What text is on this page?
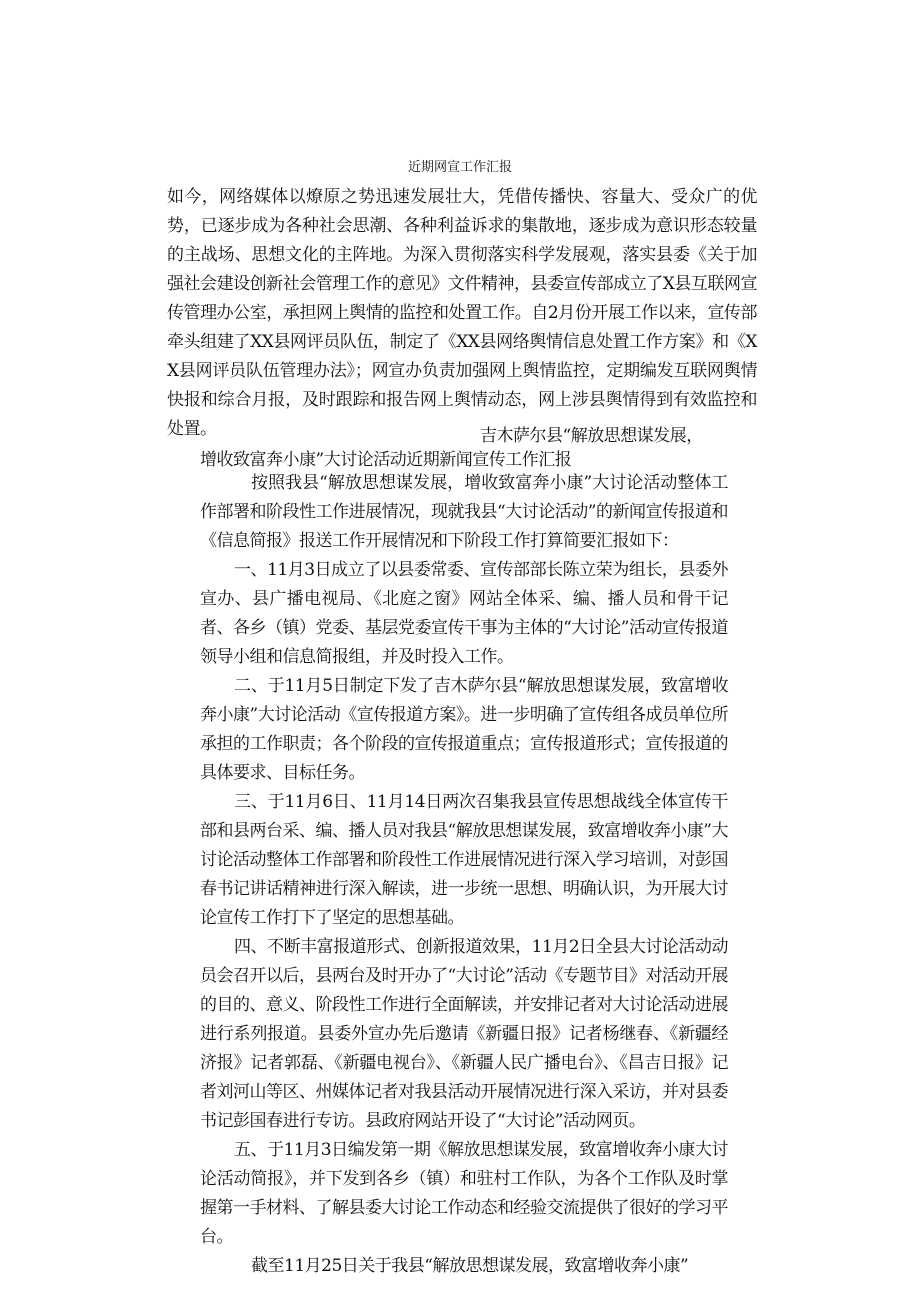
近期网宣工作汇报
如今，网络媒体以燎原之势迅速发展壮大，凭借传播快、容量大、受众广的优势，已逐步成为各种社会思潮、各种利益诉求的集散地，逐步成为意识形态较量的主战场、思想文化的主阵地。为深入贯彻落实科学发展观，落实县委《关于加强社会建设创新社会管理工作的意见》文件精神，县委宣传部成立了X县互联网宣传管理办公室，承担网上舆情的监控和处置工作。自2月份开展工作以来，宣传部牵头组建了XX县网评员队伍，制定了《XX县网络舆情信息处置工作方案》和《XX县网评员队伍管理办法》；网宣办负责加强网上舆情监控，定期编发互联网舆情快报和综合月报，及时跟踪和报告网上舆情动态，网上涉县舆情得到有效监控和处置。	吉木萨尔县“解放思想谋发展，
增收致富奔小康”大讨论活动近期新闻宣传工作汇报

按照我县“解放思想谋发展，增收致富奔小康”大讨论活动整体工作部署和阶段性工作进展情况，现就我县“大讨论活动”的新闻宣传报道和《信息简报》报送工作开展情况和下阶段工作打算简要汇报如下：

一、11月3日成立了以县委常委、宣传部部长陈立荣为组长，县委外宣办、县广播电视局、《北庭之窗》网站全体采、编、播人员和骨干记者、各乡（镇）党委、基层党委宣传干事为主体的“大讨论”活动宣传报道领导小组和信息简报组，并及时投入工作。

二、于11月5日制定下发了吉木萨尔县“解放思想谋发展，致富增收奔小康”大讨论活动《宣传报道方案》。进一步明确了宣传组各成员单位所承担的工作职责；各个阶段的宣传报道重点；宣传报道形式；宣传报道的具体要求、目标任务。

三、于11月6日、11月14日两次召集我县宣传思想战线全体宣传干部和县两台采、编、播人员对我县“解放思想谋发展，致富增收奔小康”大讨论活动整体工作部署和阶段性工作进展情况进行深入学习培训，对彭国春书记讲话精神进行深入解读，进一步统一思想、明确认识，为开展大讨论宣传工作打下了坚定的思想基础。

四、不断丰富报道形式、创新报道效果，11月2日全县大讨论活动动员会召开以后，县两台及时开办了“大讨论”活动《专题节目》对活动开展的目的、意义、阶段性工作进行全面解读，并安排记者对大讨论活动进展进行系列报道。县委外宣办先后邀请《新疆日报》记者杨继春、《新疆经济报》记者郭磊、《新疆电视台》、《新疆人民广播电台》、《昌吉日报》记者刘河山等区、州媒体记者对我县活动开展情况进行深入采访，并对县委书记彭国春进行专访。县政府网站开设了“大讨论”活动网页。

五、于11月3日编发第一期《解放思想谋发展，致富增收奔小康大讨论活动简报》，并下发到各乡（镇）和驻村工作队，为各个工作队及时掌握第一手材料、了解县委大讨论工作动态和经验交流提供了很好的学习平台。

截至11月25日关于我县“解放思想谋发展，致富增收奔小康”
